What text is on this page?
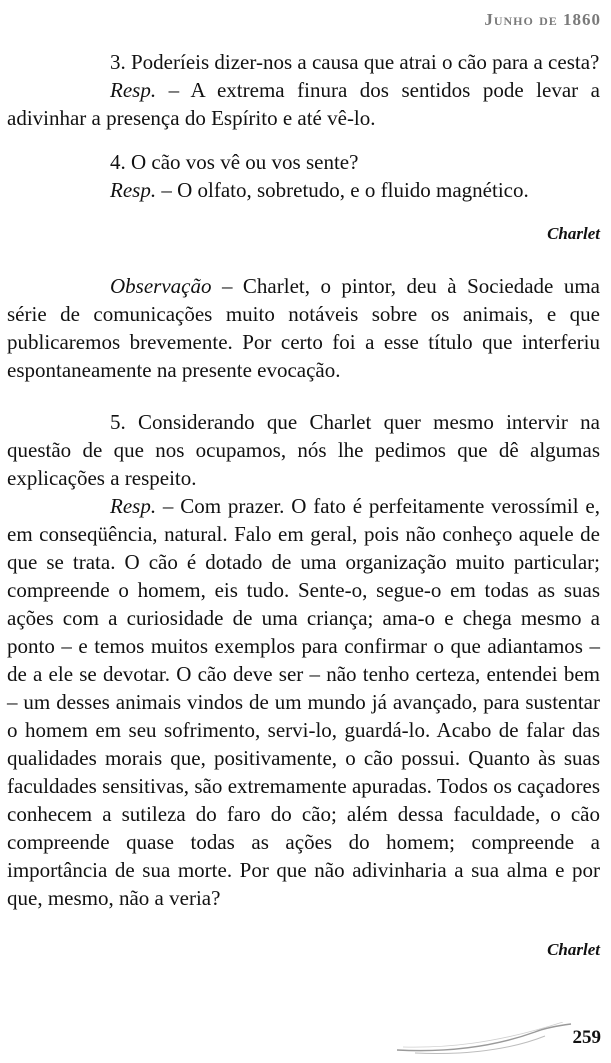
Junho de 1860

3. Poderíeis dizer-nos a causa que atrai o cão para a cesta?

Resp. – A extrema finura dos sentidos pode levar a adivinhar a presença do Espírito e até vê-lo.

4. O cão vos vê ou vos sente?

Resp. – O olfato, sobretudo, e o fluido magnético.

Charlet

Observação – Charlet, o pintor, deu à Sociedade uma série de comunicações muito notáveis sobre os animais, e que publicaremos brevemente. Por certo foi a esse título que interferiu espontaneamente na presente evocação.

5. Considerando que Charlet quer mesmo intervir na questão de que nos ocupamos, nós lhe pedimos que dê algumas explicações a respeito.

Resp. – Com prazer. O fato é perfeitamente verossímil e, em conseqüência, natural. Falo em geral, pois não conheço aquele de que se trata. O cão é dotado de uma organização muito particular; compreende o homem, eis tudo. Sente-o, segue-o em todas as suas ações com a curiosidade de uma criança; ama-o e chega mesmo a ponto – e temos muitos exemplos para confirmar o que adiantamos – de a ele se devotar. O cão deve ser – não tenho certeza, entendei bem – um desses animais vindos de um mundo já avançado, para sustentar o homem em seu sofrimento, servi-lo, guardá-lo. Acabo de falar das qualidades morais que, positivamente, o cão possui. Quanto às suas faculdades sensitivas, são extremamente apuradas. Todos os caçadores conhecem a sutileza do faro do cão; além dessa faculdade, o cão compreende quase todas as ações do homem; compreende a importância de sua morte. Por que não adivinharia a sua alma e por que, mesmo, não a veria?

Charlet

259
